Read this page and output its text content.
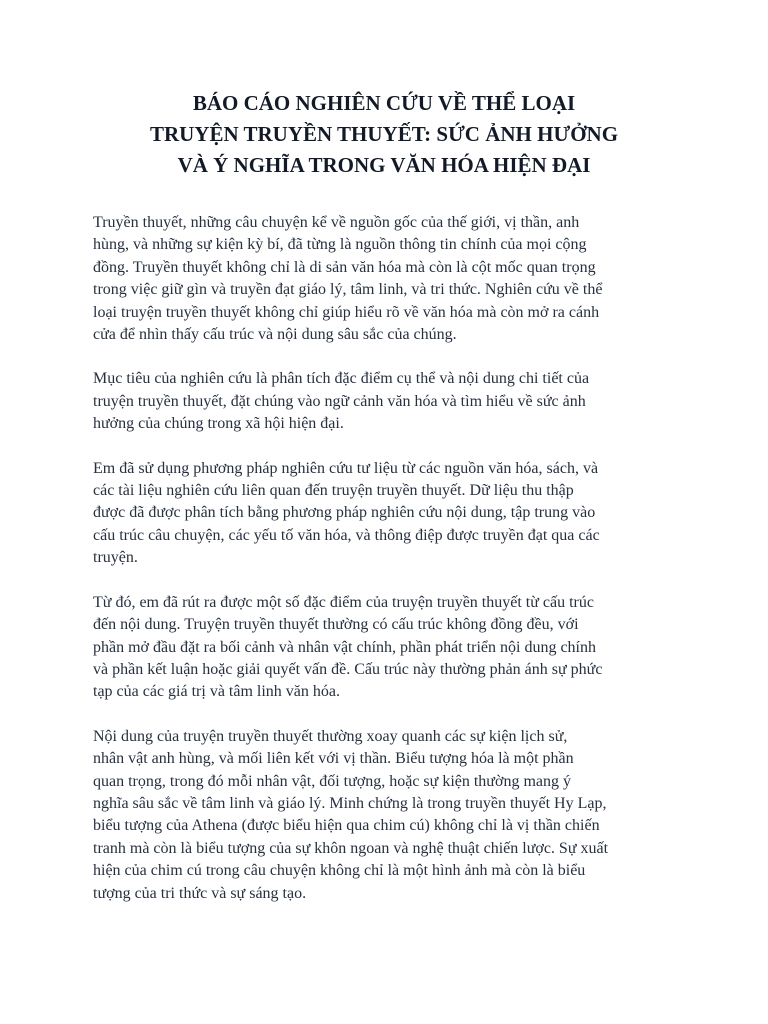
BÁO CÁO NGHIÊN CỨU VỀ THỂ LOẠI
TRUYỆN TRUYỀN THUYẾT: SỨC ẢNH HƯỞNG
VÀ Ý NGHĨA TRONG VĂN HÓA HIỆN ĐẠI

Truyền thuyết, những câu chuyện kể về nguồn gốc của thế giới, vị thần, anh
hùng, và những sự kiện kỳ bí, đã từng là nguồn thông tin chính của mọi cộng
đồng. Truyền thuyết không chỉ là di sản văn hóa mà còn là cột mốc quan trọng
trong việc giữ gìn và truyền đạt giáo lý, tâm linh, và tri thức. Nghiên cứu về thể
loại truyện truyền thuyết không chỉ giúp hiểu rõ về văn hóa mà còn mở ra cánh
cửa để nhìn thấy cấu trúc và nội dung sâu sắc của chúng.

Mục tiêu của nghiên cứu là phân tích đặc điểm cụ thể và nội dung chi tiết của
truyện truyền thuyết, đặt chúng vào ngữ cảnh văn hóa và tìm hiểu về sức ảnh
hưởng của chúng trong xã hội hiện đại.

Em đã sử dụng phương pháp nghiên cứu tư liệu từ các nguồn văn hóa, sách, và
các tài liệu nghiên cứu liên quan đến truyện truyền thuyết. Dữ liệu thu thập
được đã được phân tích bằng phương pháp nghiên cứu nội dung, tập trung vào
cấu trúc câu chuyện, các yếu tố văn hóa, và thông điệp được truyền đạt qua các
truyện.

Từ đó, em đã rút ra được một số đặc điểm của truyện truyền thuyết từ cấu trúc
đến nội dung. Truyện truyền thuyết thường có cấu trúc không đồng đều, với
phần mở đầu đặt ra bối cảnh và nhân vật chính, phần phát triển nội dung chính
và phần kết luận hoặc giải quyết vấn đề. Cấu trúc này thường phản ánh sự phức
tạp của các giá trị và tâm linh văn hóa.

Nội dung của truyện truyền thuyết thường xoay quanh các sự kiện lịch sử,
nhân vật anh hùng, và mối liên kết với vị thần. Biểu tượng hóa là một phần
quan trọng, trong đó mỗi nhân vật, đối tượng, hoặc sự kiện thường mang ý
nghĩa sâu sắc về tâm linh và giáo lý. Minh chứng là trong truyền thuyết Hy Lạp,
biểu tượng của Athena (được biểu hiện qua chim cú) không chỉ là vị thần chiến
tranh mà còn là biểu tượng của sự khôn ngoan và nghệ thuật chiến lược. Sự xuất
hiện của chim cú trong câu chuyện không chỉ là một hình ảnh mà còn là biểu
tượng của tri thức và sự sáng tạo.
